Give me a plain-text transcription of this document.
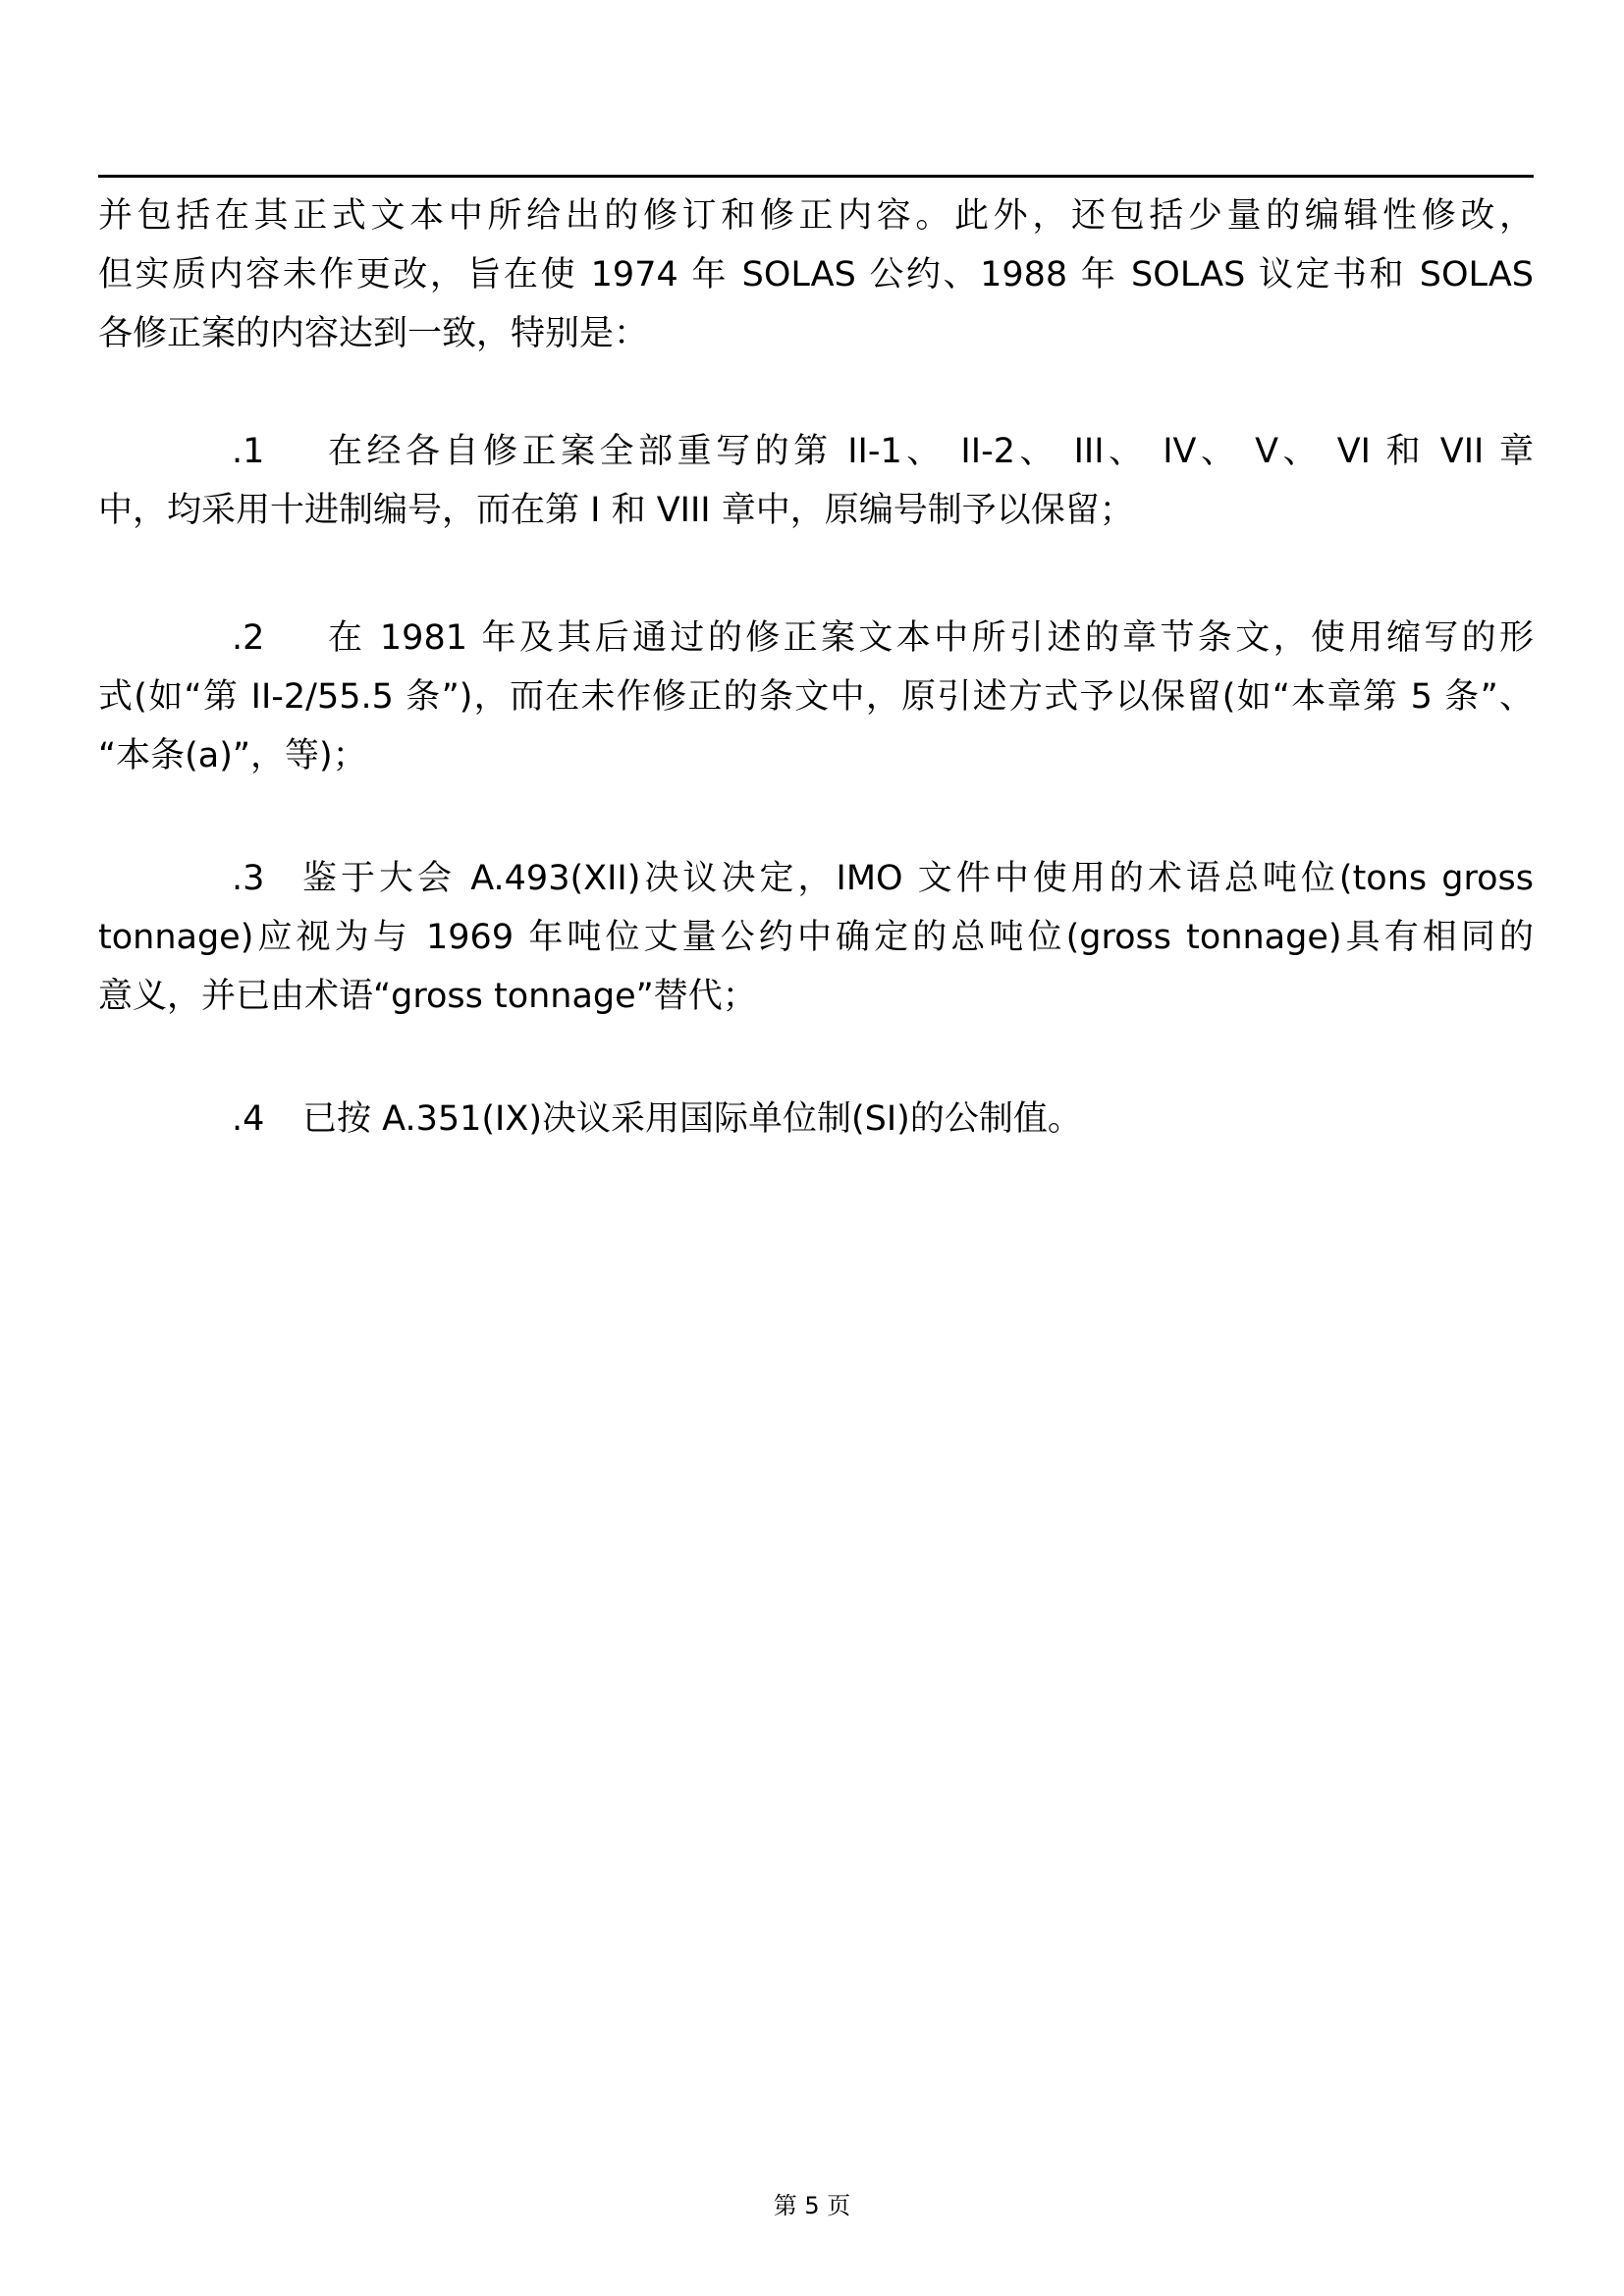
并包括在其正式文本中所给出的修订和修正内容。此外，还包括少量的编辑性修改，
但实质内容未作更改，旨在使 1974 年 SOLAS 公约、1988 年 SOLAS 议定书和 SOLAS
各修正案的内容达到一致，特别是：
.1	在经各自修正案全部重写的第 II-1、 II-2、 III、 IV、 V、 VI 和 VII 章
中，均采用十进制编号，而在第 I 和 VIII 章中，原编号制予以保留；
.2	在 1981 年及其后通过的修正案文本中所引述的章节条文，使用缩写的形
式(如“第 II-2/55.5 条”)，而在未作修正的条文中，原引述方式予以保留(如“本章第 5 条”、
“本条(a)”，等)；
.3	鉴于大会 A.493(XII)决议决定，IMO 文件中使用的术语总吨位(tons gross
tonnage)应视为与 1969 年吨位丈量公约中确定的总吨位(gross tonnage)具有相同的
意义，并已由术语“gross tonnage”替代；
.4	已按 A.351(IX)决议采用国际单位制(SI)的公制值。
第 5 页
